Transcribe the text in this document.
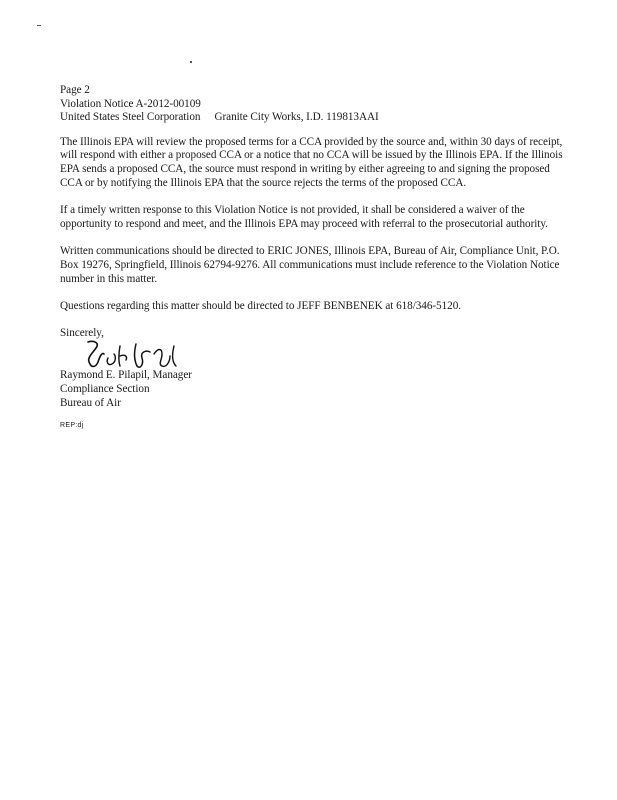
Page 2
Violation Notice A-2012-00109
United States Steel Corporation Granite City Works, I.D. 119813AAI

The Illinois EPA will review the proposed terms for a CCA provided by the source and, within 30 days of receipt, will respond with either a proposed CCA or a notice that no CCA will be issued by the Illinois EPA. If the Illinois EPA sends a proposed CCA, the source must respond in writing by either agreeing to and signing the proposed CCA or by notifying the Illinois EPA that the source rejects the terms of the proposed CCA.

If a timely written response to this Violation Notice is not provided, it shall be considered a waiver of the opportunity to respond and meet, and the Illinois EPA may proceed with referral to the prosecutorial authority.

Written communications should be directed to ERIC JONES, Illinois EPA, Bureau of Air, Compliance Unit, P.O. Box 19276, Springfield, Illinois 62794-9276. All communications must include reference to the Violation Notice number in this matter.

Questions regarding this matter should be directed to JEFF BENBENEK at 618/346-5120.

Sincerely,
Raymond E. Pilapil, Manager
Compliance Section
Bureau of Air
REP:dj
